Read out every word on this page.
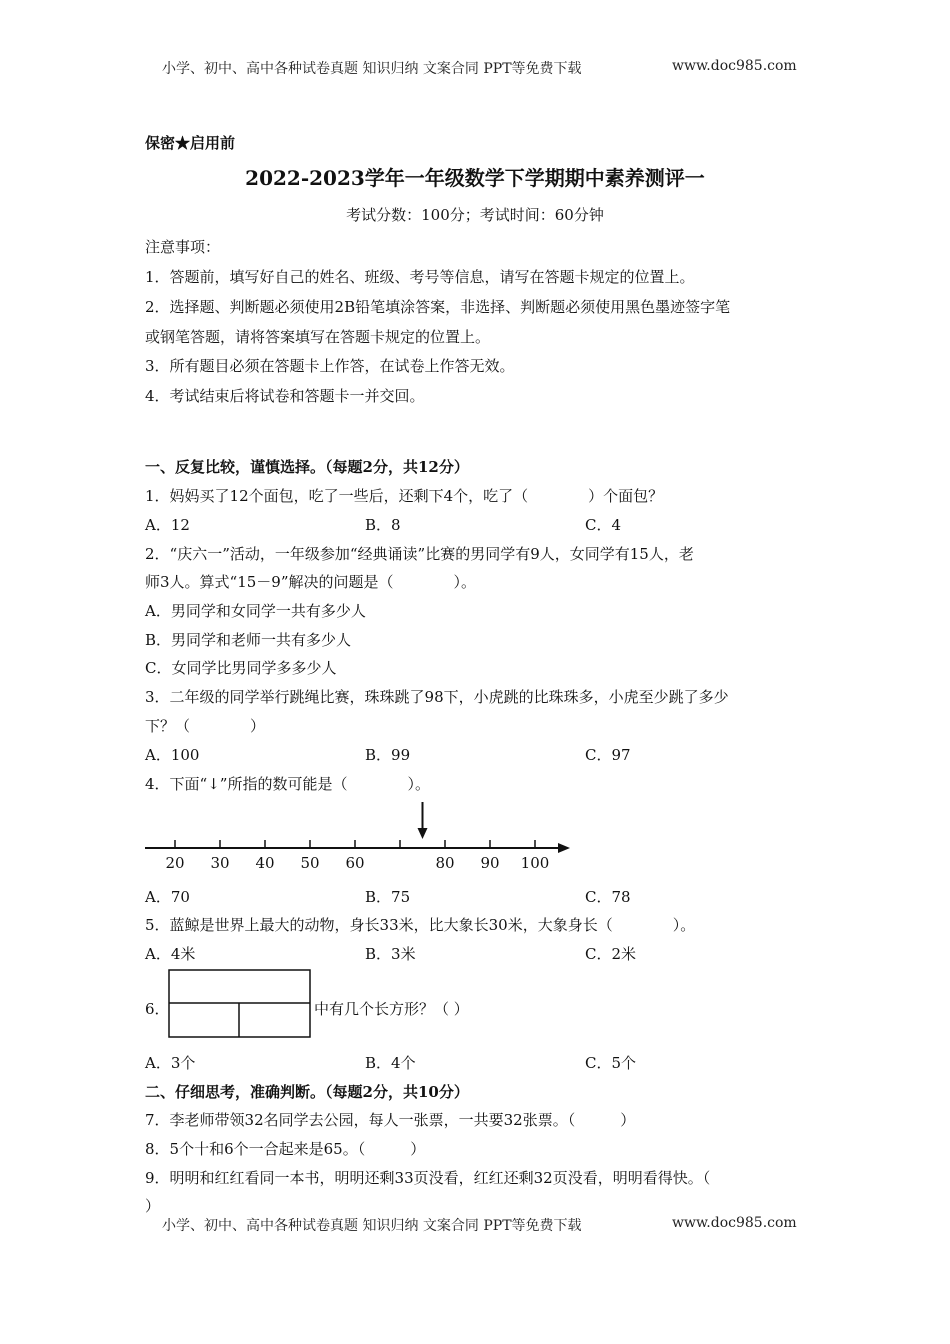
小学、初中、高中各种试卷真题 知识归纳 文案合同 PPT等免费下载	www.doc985.com
保密★启用前
2022-2023学年一年级数学下学期期中素养测评一
考试分数：100分；考试时间：60分钟
注意事项：
1．答题前，填写好自己的姓名、班级、考号等信息，请写在答题卡规定的位置上。
2．选择题、判断题必须使用2B铅笔填涂答案，非选择、判断题必须使用黑色墨迹签字笔
或钢笔答题，请将答案填写在答题卡规定的位置上。
3．所有题目必须在答题卡上作答，在试卷上作答无效。
4．考试结束后将试卷和答题卡一并交回。
一、反复比较，谨慎选择。（每题2分，共12分）
1．妈妈买了12个面包，吃了一些后，还剩下4个，吃了（　　　　）个面包？
A．12	B．8	C．4
2．“庆六一”活动，一年级参加“经典诵读”比赛的男同学有9人，女同学有15人，老
师3人。算式“15－9”解决的问题是（　　　　）。
A．男同学和女同学一共有多少人
B．男同学和老师一共有多少人
C．女同学比男同学多多少人
3．二年级的同学举行跳绳比赛，珠珠跳了98下，小虎跳的比珠珠多，小虎至少跳了多少
下？（　　　　）
A．100	B．99	C．97
4．下面“↓”所指的数可能是（　　　　）。
20 30 40 50 60	80 90 100
A．70	B．75	C．78
5．蓝鲸是世界上最大的动物，身长33米，比大象长30米，大象身长（　　　　）。
A．4米	B．3米	C．2米
6．	中有几个长方形？（ ）
A．3个	B．4个	C．5个
二、仔细思考，准确判断。（每题2分，共10分）
7．李老师带领32名同学去公园，每人一张票，一共要32张票。（　　　）
8．5个十和6个一合起来是65。（　　　）
9．明明和红红看同一本书，明明还剩33页没看，红红还剩32页没看，明明看得快。（
）
小学、初中、高中各种试卷真题 知识归纳 文案合同 PPT等免费下载	www.doc985.com
